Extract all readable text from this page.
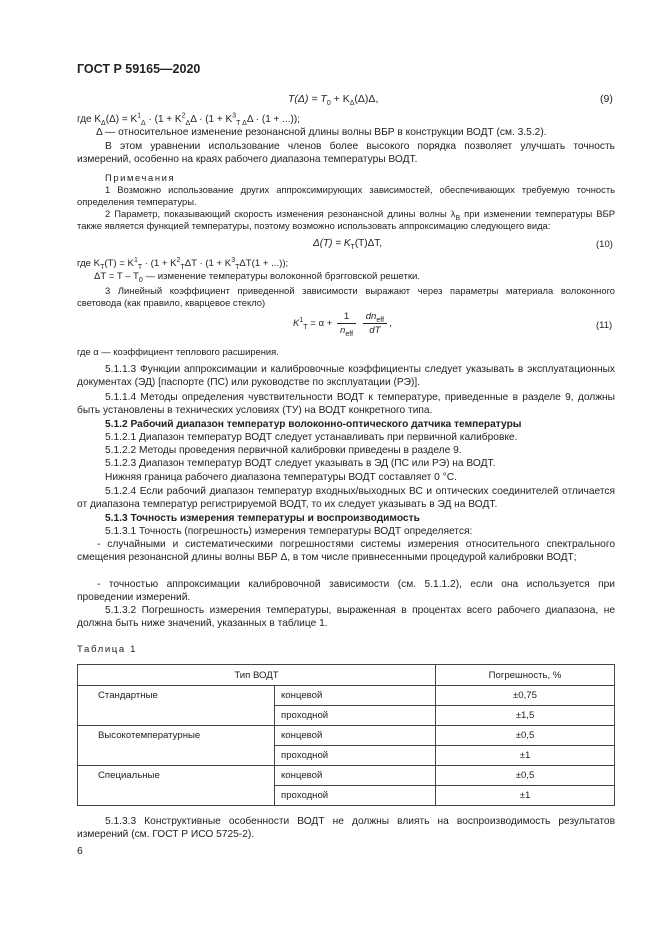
ГОСТ Р 59165—2020
$T(\Delta) = T_0 + K_\Delta(\Delta)\Delta$,	(9)
где $K_\Delta(\Delta) = K^1_\Delta \cdot (1 + K^2_\Delta\Delta \cdot (1 + K^3_{T \Delta}\Delta \cdot (1$ + ...));

Δ — относительное изменение резонансной длины волны ВБР в конструкции ВОДТ (см. 3.5.2).

В этом уравнении использование членов более высокого порядка позволяет улучшать точность измерений, особенно на краях рабочего диапазона температуры ВОДТ.

Примечания

1 Возможно использование других аппроксимирующих зависимостей, обеспечивающих требуемую точность определения температуры.

2 Параметр, показывающий скорость изменения резонансной длины волны $\lambda_B$ при изменении температуры ВБР также является функцией температуры, поэтому возможно использовать аппроксимацию следующего вида:

$\Delta(T) = K_T(T)\Delta T$,	(10)
где $K_T(T) = K^1_T \cdot (1 + K^2_T\Delta T \cdot (1 + K^3_T\Delta T(1$ + ...));
$\Delta T = T - T_0$ — изменение температуры волоконной брэгговской решетки.

3 Линейный коэффициент приведенной зависимости выражают через параметры материала волоконного световода (как правило, кварцевое стекло)

$K^1_T = \alpha + \frac{1}{n_{eff}}$
$\frac{dn_{eff}}{dT}$ ,	(11)

где α — коэффициент теплового расширения.

5.1.1.3 Функции аппроксимации и калибровочные коэффициенты следует указывать в эксплуатационных документах (ЭД) [паспорте (ПС) или руководстве по эксплуатации (РЭ)].

5.1.1.4 Методы определения чувствительности ВОДТ к температуре, приведенные в разделе 9, должны быть установлены в технических условиях (ТУ) на ВОДТ конкретного типа.

5.1.2 Рабочий диапазон температур волоконно-оптического датчика температуры

5.1.2.1 Диапазон температур ВОДТ следует устанавливать при первичной калибровке.

5.1.2.2 Методы проведения первичной калибровки приведены в разделе 9.

5.1.2.3 Диапазон температур ВОДТ следует указывать в ЭД (ПС или РЭ) на ВОДТ.

Нижняя граница рабочего диапазона температуры ВОДТ составляет 0 °С.

5.1.2.4 Если рабочий диапазон температур входных/выходных ВС и оптических соединителей отличается от диапазона температур регистрируемой ВОДТ, то их следует указывать в ЭД на ВОДТ.

5.1.3 Точность измерения температуры и воспроизводимость

5.1.3.1 Точность (погрешность) измерения температуры ВОДТ определяется:

- случайными и систематическими погрешностями системы измерения относительного спектрального смещения резонансной длины волны ВБР Δ, в том числе привнесенными процедурой калибровки ВОДТ;

- точностью аппроксимации калибровочной зависимости (см. 5.1.1.2), если она используется при проведении измерений.

5.1.3.2 Погрешность измерения температуры, выраженная в процентах всего рабочего диапазона, не должна быть ниже значений, указанных в таблице 1.

Таблица 1
Тип ВОДТ		Погрешность, %
Стандартные	концевой	±0,75
	проходной	±1,5
Высокотемпературные	концевой	±0,5
	проходной	±1
Специальные	концевой	±0,5
	проходной	±1

5.1.3.3 Конструктивные особенности ВОДТ не должны влиять на воспроизводимость результатов измерений (см. ГОСТ Р ИСО 5725-2).

6
